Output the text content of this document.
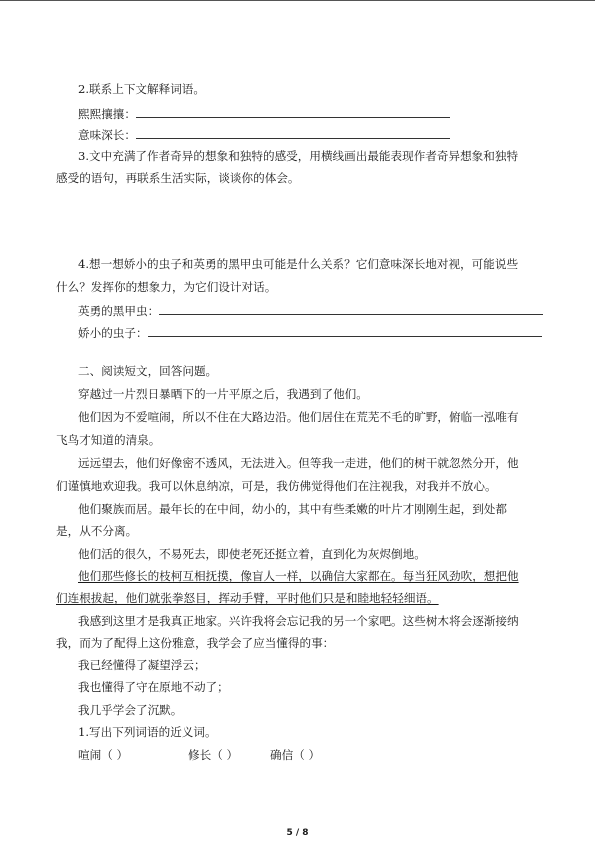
2.联系上下文解释词语。
熙熙攘攘：
意味深长：
3.文中充满了作者奇异的想象和独特的感受，用横线画出最能表现作者奇异想象和独特
感受的语句，再联系生活实际，谈谈你的体会。
4.想一想娇小的虫子和英勇的黑甲虫可能是什么关系？它们意味深长地对视，可能说些
什么？发挥你的想象力，为它们设计对话。
英勇的黑甲虫：
娇小的虫子：
二、阅读短文，回答问题。
穿越过一片烈日暴晒下的一片平原之后，我遇到了他们。
他们因为不爱喧闹，所以不住在大路边沿。他们居住在荒芜不毛的旷野，俯临一泓唯有
飞鸟才知道的清泉。
远远望去，他们好像密不透风，无法进入。但等我一走进，他们的树干就忽然分开，他
们谨慎地欢迎我。我可以休息纳凉，可是，我仿佛觉得他们在注视我，对我并不放心。
他们聚族而居。最年长的在中间，幼小的，其中有些柔嫩的叶片才刚刚生起，到处都
是，从不分离。
他们活的很久，不易死去，即使老死还挺立着，直到化为灰烬倒地。
他们那些修长的枝柯互相抚摸，像盲人一样，以确信大家都在。每当狂风劲吹，想把他
们连根拔起，他们就张拳怒目，挥动手臂，平时他们只是和睦地轻轻细语。
我感到这里才是我真正地家。兴许我将会忘记我的另一个家吧。这些树木将会逐渐接纳
我，而为了配得上这份雅意，我学会了应当懂得的事：
我已经懂得了凝望浮云；
我也懂得了守在原地不动了；
我几乎学会了沉默。
1.写出下列词语的近义词。
喧闹（ ）	修长（ ）	确信（ ）
5 / 8
